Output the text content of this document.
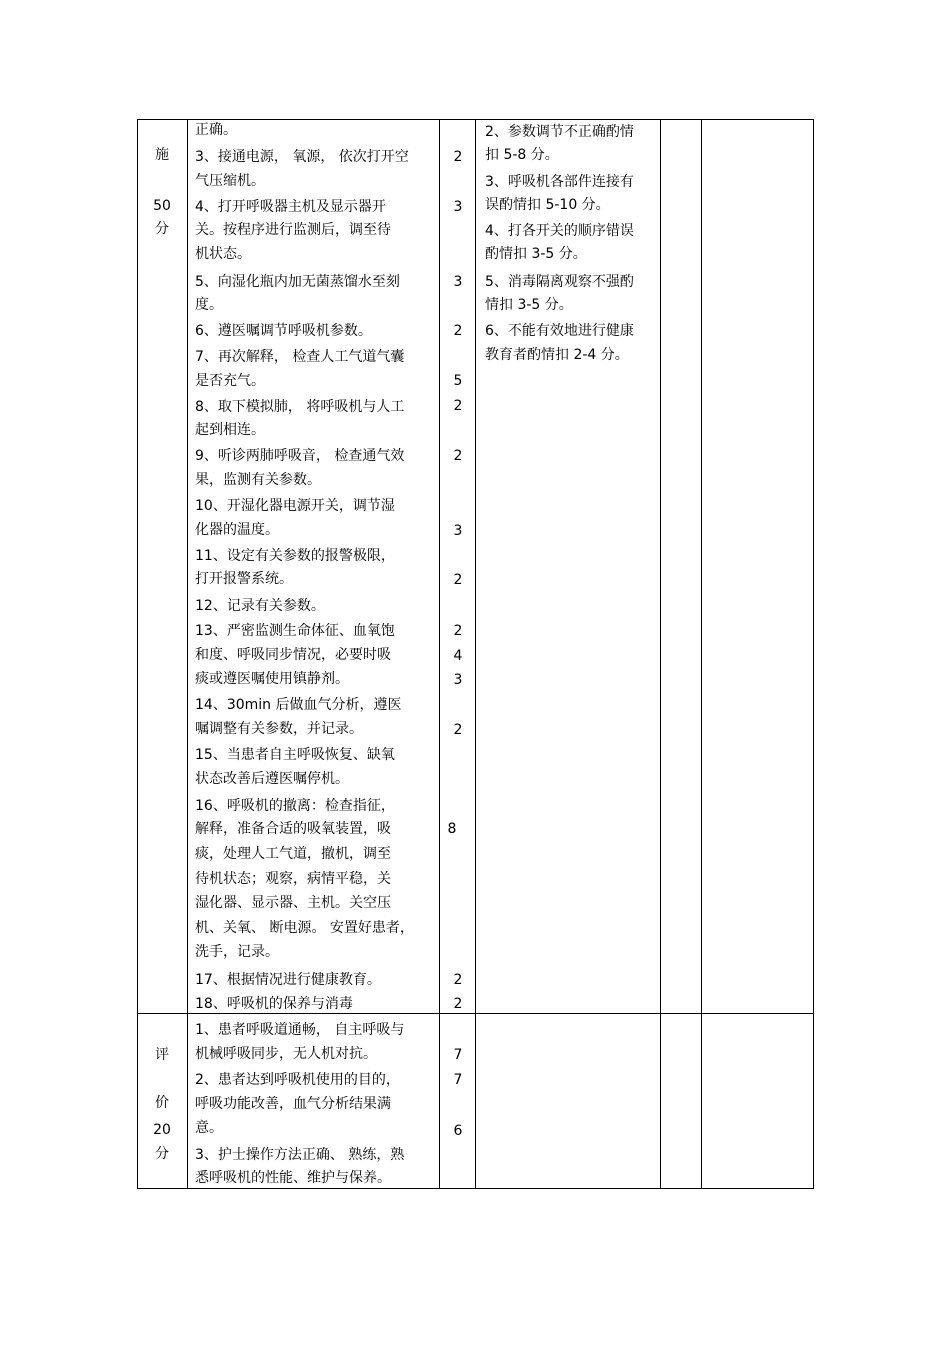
施
50
分
正确。
3、接通电源， 氧源， 依次打开空
气压缩机。
4、打开呼吸器主机及显示器开
关。按程序进行监测后，调至待
机状态。
5、向湿化瓶内加无菌蒸馏水至刻
度。
6、遵医嘱调节呼吸机参数。
7、再次解释， 检查人工气道气囊
是否充气。
8、取下模拟肺， 将呼吸机与人工
起到相连。
9、听诊两肺呼吸音， 检查通气效
果，监测有关参数。
10、开湿化器电源开关，调节湿
化器的温度。
11、设定有关参数的报警极限，
打开报警系统。
12、记录有关参数。
13、严密监测生命体征、血氧饱
和度、呼吸同步情况，必要时吸
痰或遵医嘱使用镇静剂。
14、30min 后做血气分析，遵医
嘱调整有关参数，并记录。
15、当患者自主呼吸恢复、缺氧
状态改善后遵医嘱停机。
16、呼吸机的撤离：检查指征，
解释，准备合适的吸氧装置，吸
痰，处理人工气道，撤机，调至
待机状态；观察，病情平稳，关
湿化器、显示器、主机。关空压
机、关氧、 断电源。 安置好患者，
洗手，记录。
17、根据情况进行健康教育。
18、呼吸机的保养与消毒
2
3
3
2
5
2
2
3
2
2
4
3
2
8
2
2
2、参数调节不正确酌情
扣 5-8 分。
3、呼吸机各部件连接有
误酌情扣 5-10 分。
4、打各开关的顺序错误
酌情扣 3-5 分。
5、消毒隔离观察不强酌
情扣 3-5 分。
6、不能有效地进行健康
教育者酌情扣 2-4 分。
评
价
20
分
1、患者呼吸道通畅， 自主呼吸与
机械呼吸同步，无人机对抗。
2、患者达到呼吸机使用的目的，
呼吸功能改善，血气分析结果满
意。
3、护士操作方法正确、 熟练，熟
悉呼吸机的性能、维护与保养。
7
7
6
